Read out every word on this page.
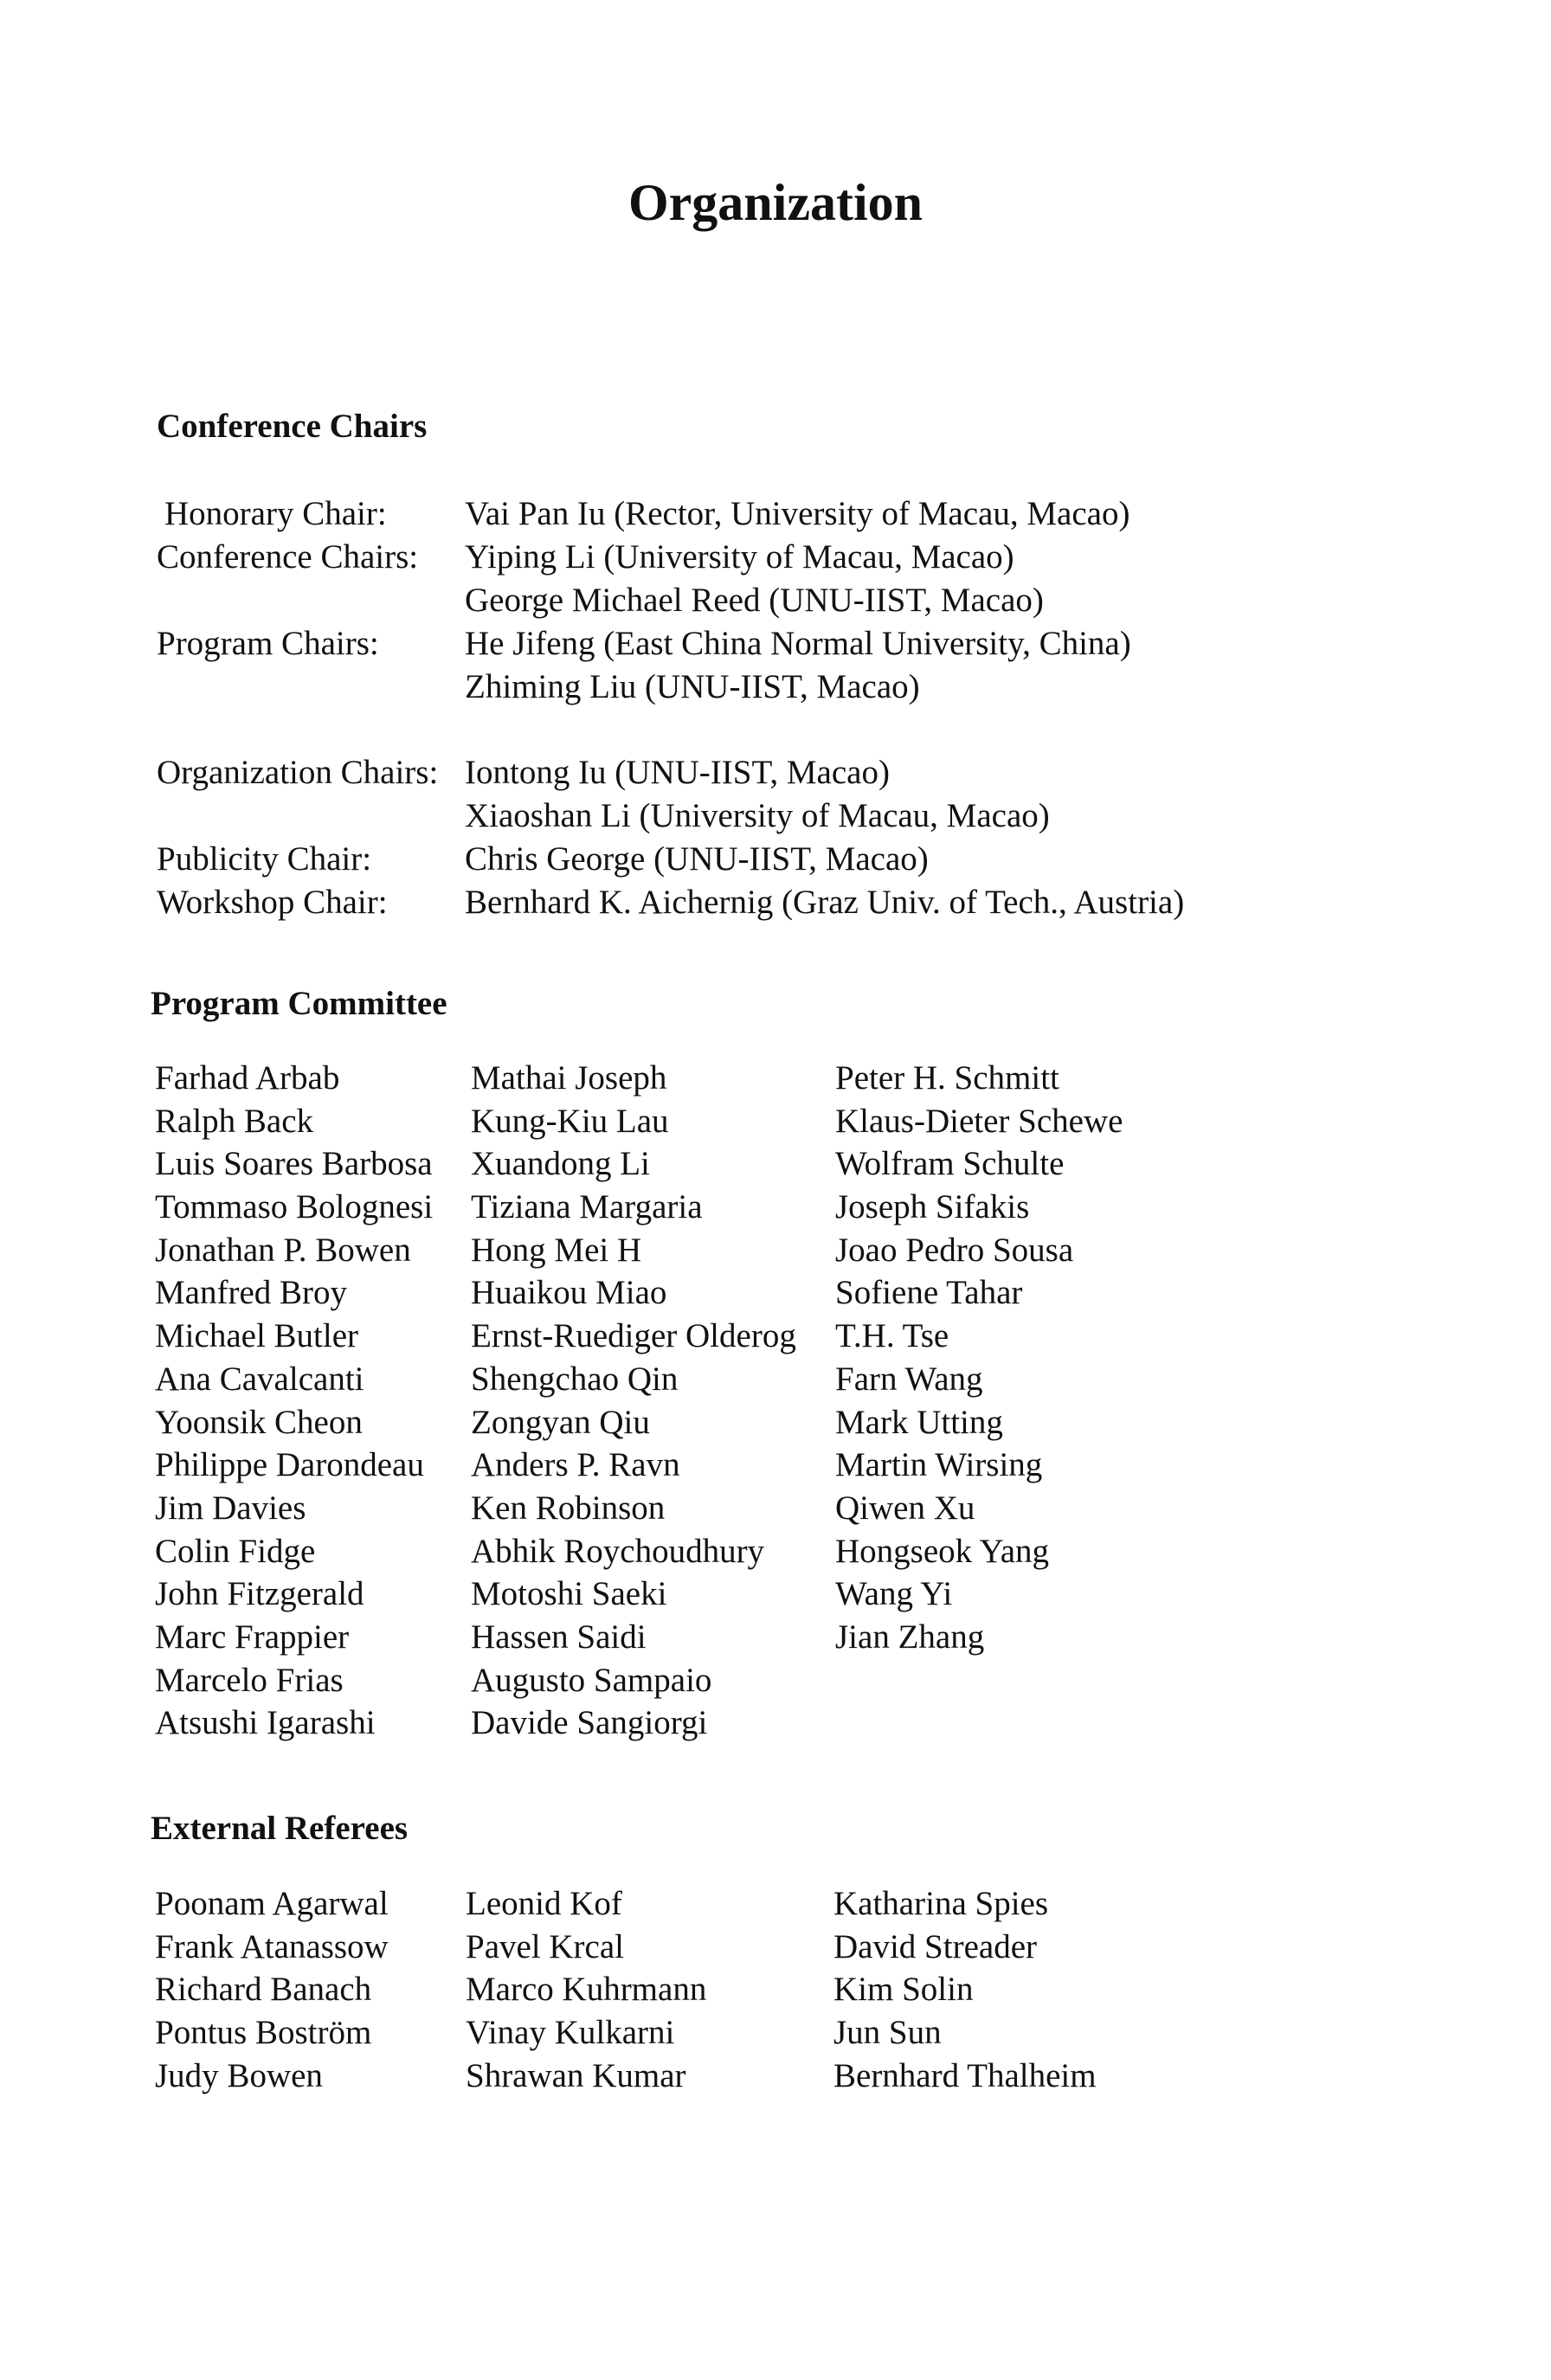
Organization
Conference Chairs
Honorary Chair: Vai Pan Iu (Rector, University of Macau, Macao)
Conference Chairs: Yiping Li (University of Macau, Macao)
George Michael Reed (UNU-IIST, Macao)
Program Chairs:	He Jifeng (East China Normal University, China)
Zhiming Liu (UNU-IIST, Macao)
Organization Chairs: Iontong Iu (UNU-IIST, Macao)
Xiaoshan Li (University of Macau, Macao)
Publicity Chair:	Chris George (UNU-IIST, Macao)
Workshop Chair: Bernhard K. Aichernig (Graz Univ. of Tech., Austria)
Program Committee
Farhad Arbab
Ralph Back
Luis Soares Barbosa
Tommaso Bolognesi
Jonathan P. Bowen
Manfred Broy
Michael Butler
Ana Cavalcanti
Yoonsik Cheon
Philippe Darondeau
Jim Davies
Colin Fidge
John Fitzgerald
Marc Frappier
Marcelo Frias
Atsushi Igarashi
Mathai Joseph
Kung-Kiu Lau
Xuandong Li
Tiziana Margaria
Hong Mei H
Huaikou Miao
Ernst-Ruediger Olderog
Shengchao Qin
Zongyan Qiu
Anders P. Ravn
Ken Robinson
Abhik Roychoudhury
Motoshi Saeki
Hassen Saidi
Augusto Sampaio
Davide Sangiorgi
Peter H. Schmitt
Klaus-Dieter Schewe
Wolfram Schulte
Joseph Sifakis
Joao Pedro Sousa
Sofiene Tahar
T.H. Tse
Farn Wang
Mark Utting
Martin Wirsing
Qiwen Xu
Hongseok Yang
Wang Yi
Jian Zhang
External Referees
Poonam Agarwal
Frank Atanassow
Richard Banach
Pontus Boström
Judy Bowen
Leonid Kof
Pavel Krcal
Marco Kuhrmann
Vinay Kulkarni
Shrawan Kumar
Katharina Spies
David Streader
Kim Solin
Jun Sun
Bernhard Thalheim
